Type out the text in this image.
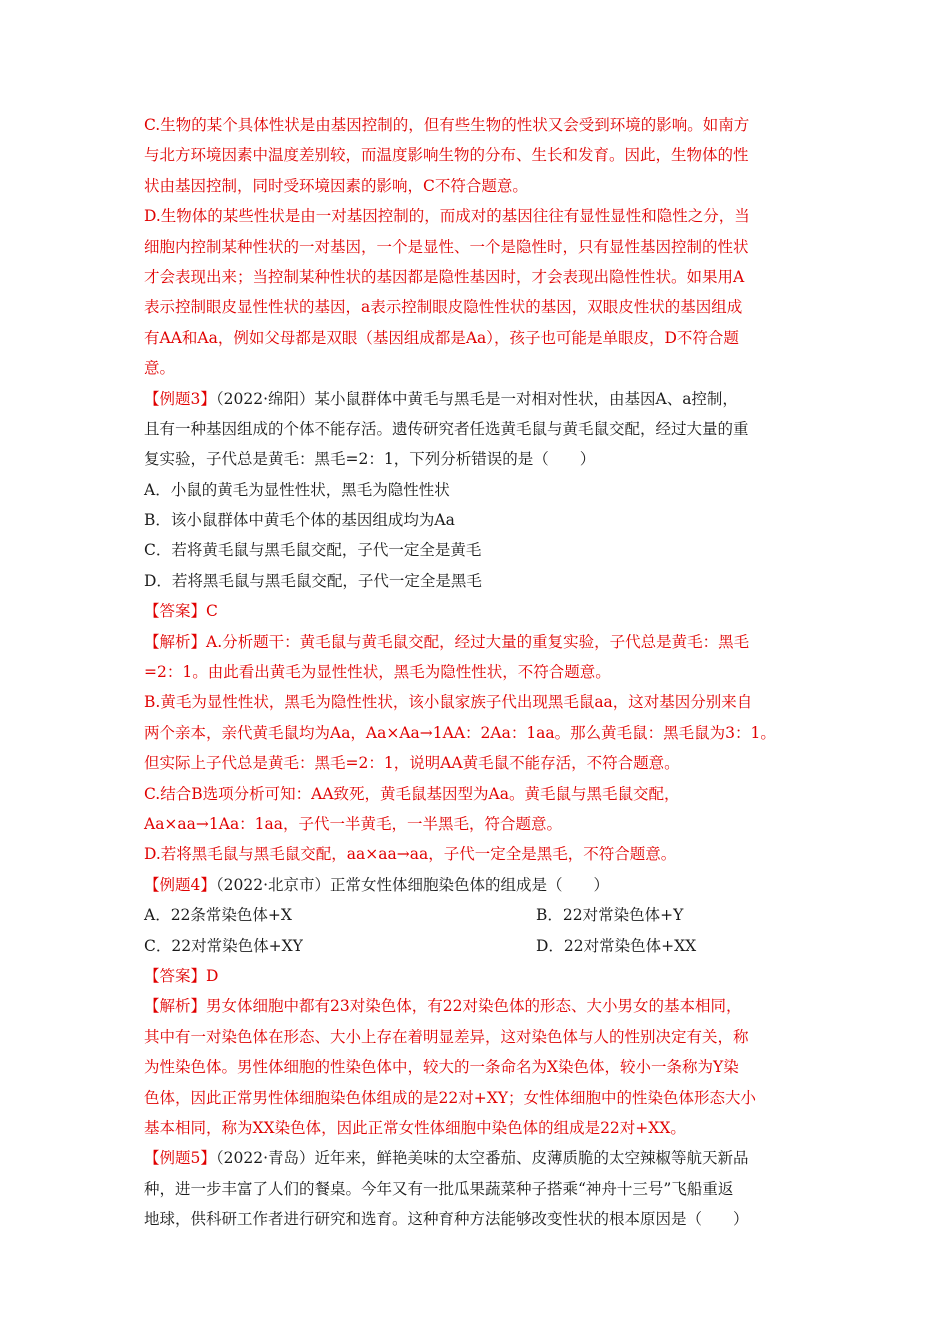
C.生物的某个具体性状是由基因控制的，但有些生物的性状又会受到环境的影响。如南方
与北方环境因素中温度差别较，而温度影响生物的分布、生长和发育。因此，生物体的性
状由基因控制，同时受环境因素的影响，C不符合题意。
D.生物体的某些性状是由一对基因控制的，而成对的基因往往有显性显性和隐性之分，当
细胞内控制某种性状的一对基因，一个是显性、一个是隐性时，只有显性基因控制的性状
才会表现出来；当控制某种性状的基因都是隐性基因时，才会表现出隐性性状。如果用A
表示控制眼皮显性性状的基因，a表示控制眼皮隐性性状的基因，双眼皮性状的基因组成
有AA和Aa，例如父母都是双眼（基因组成都是Aa），孩子也可能是单眼皮，D不符合题
意。
【例题3】（2022·绵阳）某小鼠群体中黄毛与黑毛是一对相对性状，由基因A、a控制，
且有一种基因组成的个体不能存活。遗传研究者任选黄毛鼠与黄毛鼠交配，经过大量的重
复实验，子代总是黄毛：黑毛=2：1，下列分析错误的是（　　）
A．小鼠的黄毛为显性性状，黑毛为隐性性状
B．该小鼠群体中黄毛个体的基因组成均为Aa
C．若将黄毛鼠与黑毛鼠交配，子代一定全是黄毛
D．若将黑毛鼠与黑毛鼠交配，子代一定全是黑毛
【答案】C
【解析】A.分析题干：黄毛鼠与黄毛鼠交配，经过大量的重复实验，子代总是黄毛：黑毛
=2：1。由此看出黄毛为显性性状，黑毛为隐性性状，不符合题意。
B.黄毛为显性性状，黑毛为隐性性状，该小鼠家族子代出现黑毛鼠aa，这对基因分别来自
两个亲本，亲代黄毛鼠均为Aa，Aa×Aa→1AA：2Aa：1aa。那么黄毛鼠：黑毛鼠为3：1。
但实际上子代总是黄毛：黑毛=2：1，说明AA黄毛鼠不能存活，不符合题意。
C.结合B选项分析可知：AA致死，黄毛鼠基因型为Aa。黄毛鼠与黑毛鼠交配，
Aa×aa→1Aa：1aa，子代一半黄毛，一半黑毛，符合题意。
D.若将黑毛鼠与黑毛鼠交配，aa×aa→aa，子代一定全是黑毛，不符合题意。
【例题4】（2022·北京市）正常女性体细胞染色体的组成是（　　）
A．22条常染色体+X	B．22对常染色体+Y
C．22对常染色体+XY	D．22对常染色体+XX
【答案】D
【解析】男女体细胞中都有23对染色体，有22对染色体的形态、大小男女的基本相同，
其中有一对染色体在形态、大小上存在着明显差异，这对染色体与人的性别决定有关，称
为性染色体。男性体细胞的性染色体中，较大的一条命名为X染色体，较小一条称为Y染
色体，因此正常男性体细胞染色体组成的是22对+XY；女性体细胞中的性染色体形态大小
基本相同，称为XX染色体，因此正常女性体细胞中染色体的组成是22对+XX。
【例题5】（2022·青岛）近年来，鲜艳美味的太空番茄、皮薄质脆的太空辣椒等航天新品
种，进一步丰富了人们的餐桌。今年又有一批瓜果蔬菜种子搭乘“神舟十三号”飞船重返
地球，供科研工作者进行研究和选育。这种育种方法能够改变性状的根本原因是（　　）
